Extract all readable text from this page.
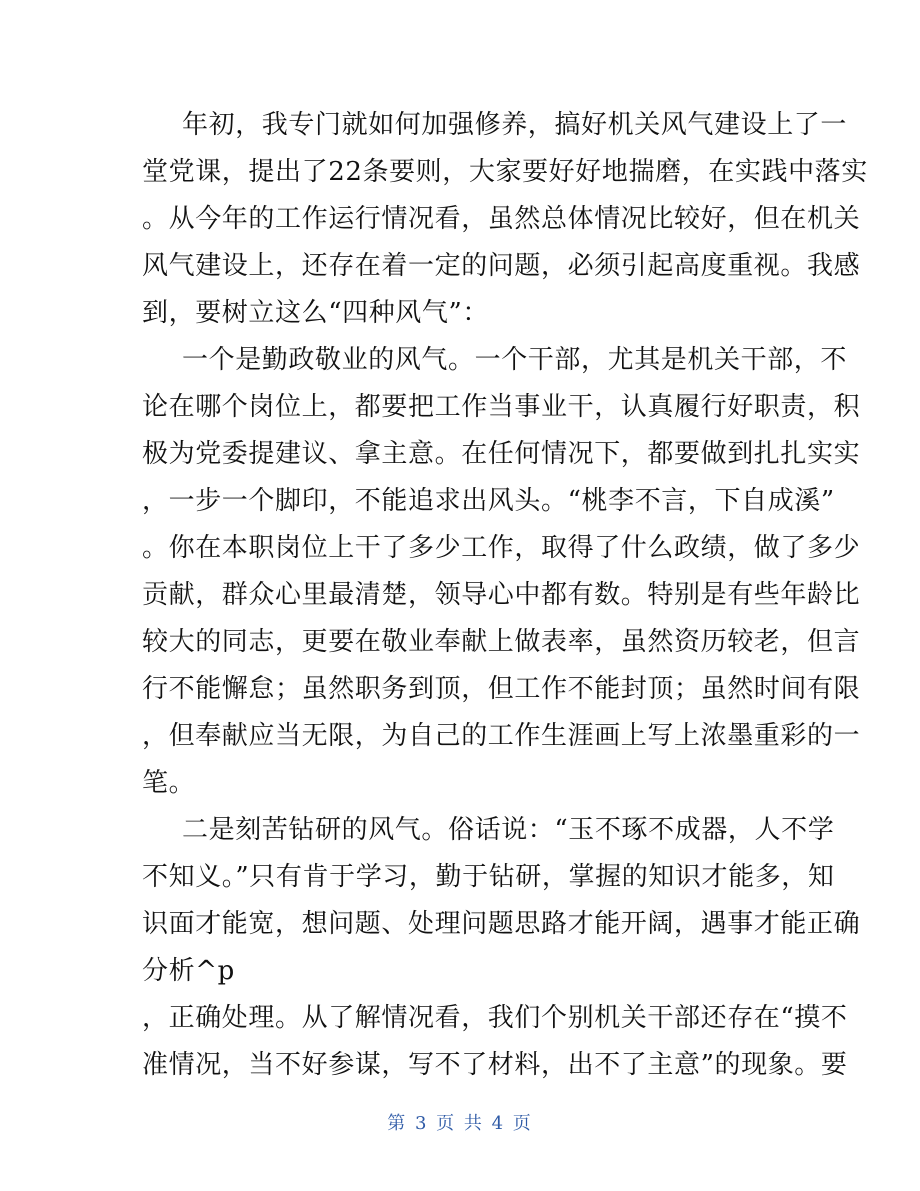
年初，我专门就如何加强修养，搞好机关风气建设上了一
堂党课，提出了22条要则，大家要好好地揣磨，在实践中落实
。从今年的工作运行情况看，虽然总体情况比较好，但在机关
风气建设上，还存在着一定的问题，必须引起高度重视。我感
到，要树立这么“四种风气”：
一个是勤政敬业的风气。一个干部，尤其是机关干部，不
论在哪个岗位上，都要把工作当事业干，认真履行好职责，积
极为党委提建议、拿主意。在任何情况下，都要做到扎扎实实
，一步一个脚印，不能追求出风头。“桃李不言，下自成溪”
。你在本职岗位上干了多少工作，取得了什么政绩，做了多少
贡献，群众心里最清楚，领导心中都有数。特别是有些年龄比
较大的同志，更要在敬业奉献上做表率，虽然资历较老，但言
行不能懈怠；虽然职务到顶，但工作不能封顶；虽然时间有限
，但奉献应当无限，为自己的工作生涯画上写上浓墨重彩的一
笔。
二是刻苦钻研的风气。俗话说：“玉不琢不成器，人不学
不知义。”只有肯于学习，勤于钻研，掌握的知识才能多，知
识面才能宽，想问题、处理问题思路才能开阔，遇事才能正确
分析^p
，正确处理。从了解情况看，我们个别机关干部还存在“摸不
准情况，当不好参谋，写不了材料，出不了主意”的现象。要
第 3 页 共 4 页
